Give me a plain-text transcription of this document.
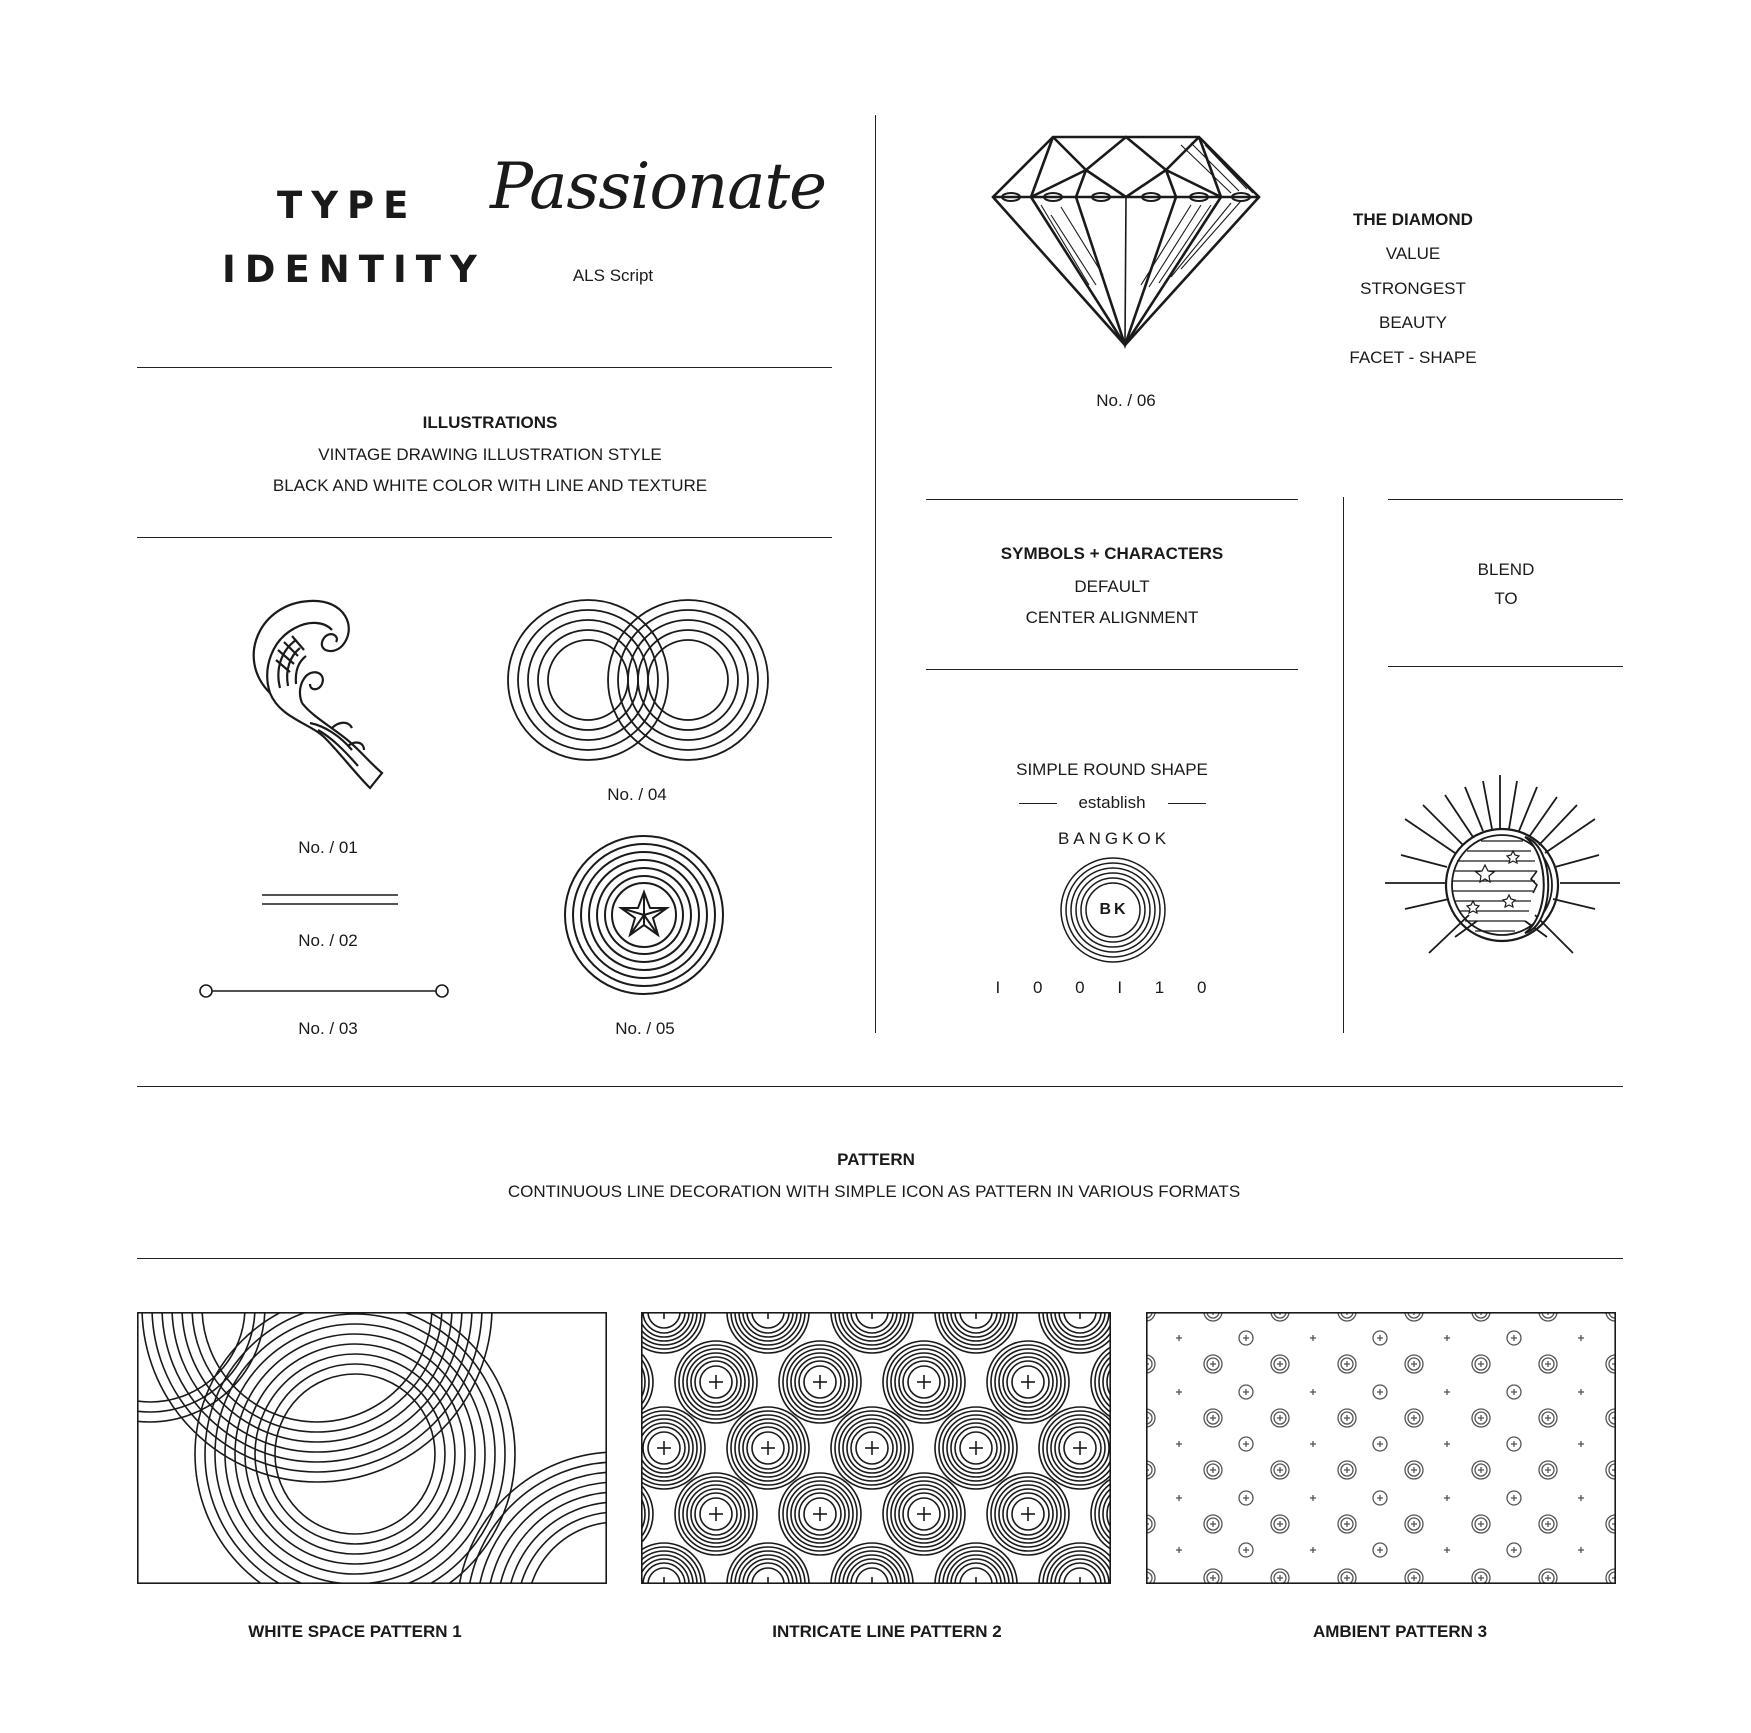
TYPE
IDENTITY
Passionate
ALS Script
ILLUSTRATIONS
VINTAGE DRAWING ILLUSTRATION STYLE
BLACK AND WHITE COLOR WITH LINE AND TEXTURE
No. / 01
No. / 02
No. / 03
No. / 04
No. / 05
No. / 06
THE DIAMOND
VALUE
STRONGEST
BEAUTY
FACET - SHAPE
SYMBOLS + CHARACTERS
DEFAULT
CENTER ALIGNMENT
BLEND
TO
SIMPLE ROUND SHAPE
establish
BANGKOK
BK
I 0 0 I 1 0
PATTERN
CONTINUOUS LINE DECORATION WITH SIMPLE ICON AS PATTERN IN VARIOUS FORMATS
WHITE SPACE PATTERN 1	INTRICATE LINE PATTERN 2	AMBIENT PATTERN 3
